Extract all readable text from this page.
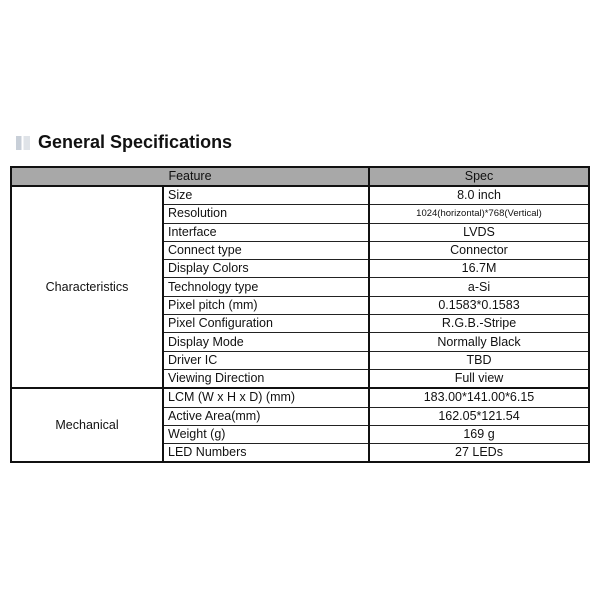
General Specifications
Feature		Spec
Characteristics	Size	8.0 inch
	Resolution	1024(horizontal)*768(Vertical)
	Interface	LVDS
	Connect type	Connector
	Display Colors	16.7M
	Technology type	a-Si
	Pixel pitch (mm)	0.1583*0.1583
	Pixel Configuration	R.G.B.-Stripe
	Display Mode	Normally Black
	Driver IC	TBD
	Viewing Direction	Full view
Mechanical	LCM (W x H x D) (mm)	183.00*141.00*6.15
	Active Area(mm)	162.05*121.54
	Weight (g)	169 g
	LED Numbers	27 LEDs
